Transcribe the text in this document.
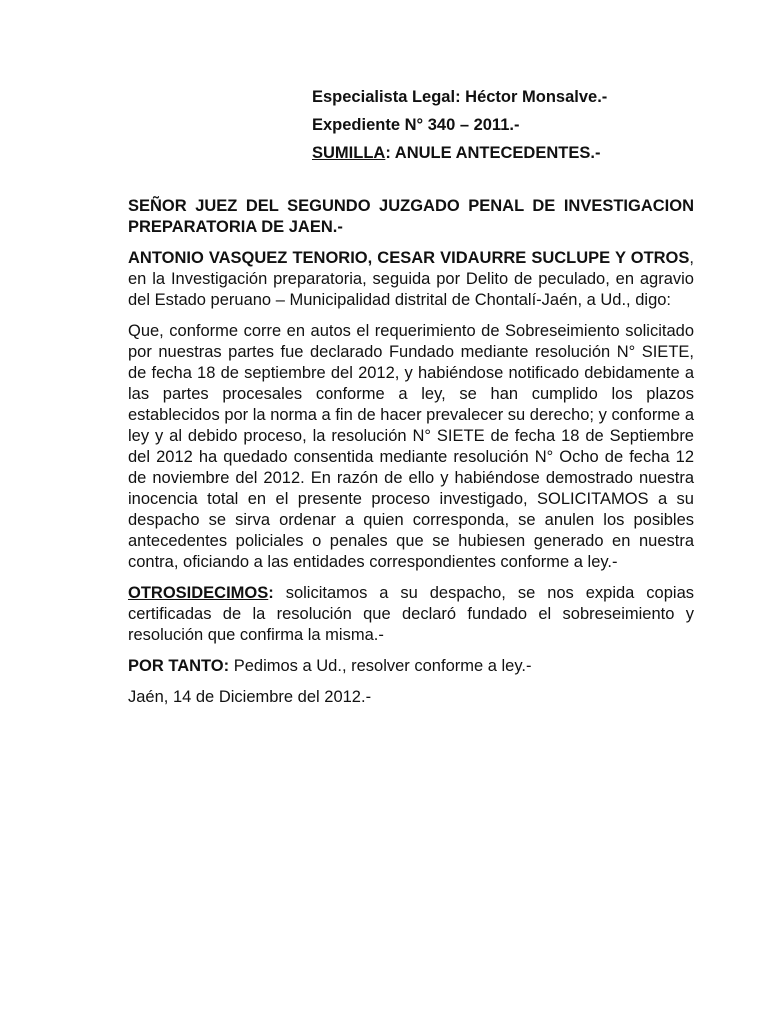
Especialista Legal: Héctor Monsalve.-
Expediente N° 340 – 2011.-
SUMILLA: ANULE ANTECEDENTES.-

SEÑOR JUEZ DEL SEGUNDO JUZGADO PENAL DE INVESTIGACION PREPARATORIA DE JAEN.-

ANTONIO VASQUEZ TENORIO, CESAR VIDAURRE SUCLUPE Y OTROS, en la Investigación preparatoria, seguida por Delito de peculado, en agravio del Estado peruano – Municipalidad distrital de Chontalí-Jaén, a Ud., digo:

Que, conforme corre en autos el requerimiento de Sobreseimiento solicitado por nuestras partes fue declarado Fundado mediante resolución N° SIETE, de fecha 18 de septiembre del 2012, y habiéndose notificado debidamente a las partes procesales conforme a ley, se han cumplido los plazos establecidos por la norma a fin de hacer prevalecer su derecho; y conforme a ley y al debido proceso, la resolución N° SIETE de fecha 18 de Septiembre del 2012 ha quedado consentida mediante resolución N° Ocho de fecha 12 de noviembre del 2012. En razón de ello y habiéndose demostrado nuestra inocencia total en el presente proceso investigado, SOLICITAMOS a su despacho se sirva ordenar a quien corresponda, se anulen los posibles antecedentes policiales o penales que se hubiesen generado en nuestra contra, oficiando a las entidades correspondientes conforme a ley.-

OTROSIDECIMOS: solicitamos a su despacho, se nos expida copias certificadas de la resolución que declaró fundado el sobreseimiento y resolución que confirma la misma.-

POR TANTO: Pedimos a Ud., resolver conforme a ley.-

Jaén, 14 de Diciembre del 2012.-
